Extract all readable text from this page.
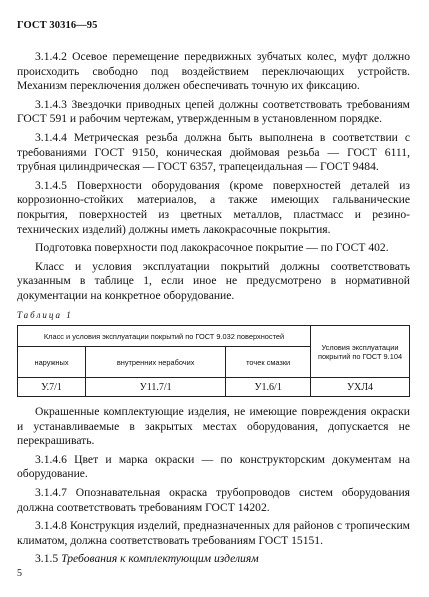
ГОСТ 30316—95

3.1.4.2 Осевое перемещение передвижных зубчатых колес, муфт должно происходить свободно под воздействием переключающих устройств. Механизм переключения должен обеспечивать точную их фиксацию.

3.1.4.3 Звездочки приводных цепей должны соответствовать требованиям ГОСТ 591 и рабочим чертежам, утвержденным в установленном порядке.

3.1.4.4 Метрическая резьба должна быть выполнена в соответствии с требованиями ГОСТ 9150, коническая дюймовая резьба — ГОСТ 6111, трубная цилиндрическая — ГОСТ 6357, трапецеидальная — ГОСТ 9484.

3.1.4.5 Поверхности оборудования (кроме поверхностей деталей из коррозионно-стойких материалов, а также имеющих гальванические покрытия, поверхностей из цветных металлов, пластмасс и резино-технических изделий) должны иметь лакокрасочные покрытия.

Подготовка поверхности под лакокрасочное покрытие — по ГОСТ 402.

Класс и условия эксплуатации покрытий должны соответствовать указанным в таблице 1, если иное не предусмотрено в нормативной документации на конкретное оборудование.

Таблица 1
Класс и условия эксплуатации покрытий по ГОСТ 9.032 поверхностей			Условия эксплуатации покрытий по ГОСТ 9.104
наружных	внутренних нерабочих	точек смазки	
У.7/1	У11.7/1	У1.6/1	УХЛ4

Окрашенные комплектующие изделия, не имеющие повреждения окраски и устанавливаемые в закрытых местах оборудования, допускается не перекрашивать.

3.1.4.6 Цвет и марка окраски — по конструкторским документам на оборудование.

3.1.4.7 Опознавательная окраска трубопроводов систем оборудования должна соответствовать требованиям ГОСТ 14202.

3.1.4.8 Конструкция изделий, предназначенных для районов с тропическим климатом, должна соответствовать требованиям ГОСТ 15151.

3.1.5 Требования к комплектующим изделиям

5
